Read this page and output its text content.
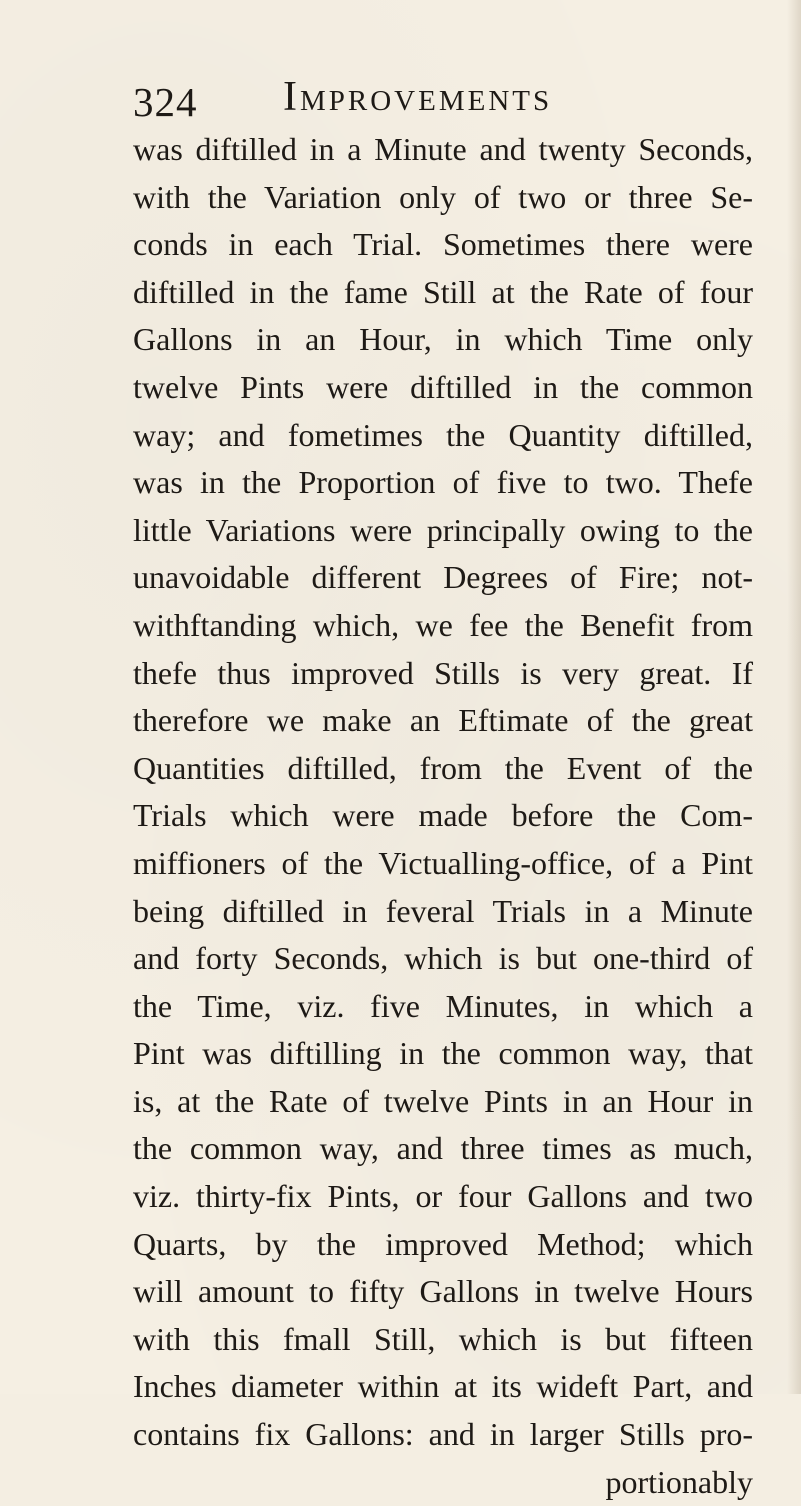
324 Improvements
was diftilled in a Minute and twenty Seconds,
with the Variation only of two or three Se-
conds in each Trial. Sometimes there were
diftilled in the fame Still at the Rate of four
Gallons in an Hour, in which Time only
twelve Pints were diftilled in the common
way; and fometimes the Quantity diftilled,
was in the Proportion of five to two. Thefe
little Variations were principally owing to the
unavoidable different Degrees of Fire; not-
withftanding which, we fee the Benefit from
thefe thus improved Stills is very great. If
therefore we make an Eftimate of the great
Quantities diftilled, from the Event of the
Trials which were made before the Com-
miffioners of the Victualling-office, of a Pint
being diftilled in feveral Trials in a Minute
and forty Seconds, which is but one-third of
the Time, viz. five Minutes, in which a
Pint was diftilling in the common way, that
is, at the Rate of twelve Pints in an Hour in
the common way, and three times as much,
viz. thirty-fix Pints, or four Gallons and two
Quarts, by the improved Method; which
will amount to fifty Gallons in twelve Hours
with this fmall Still, which is but fifteen
Inches diameter within at its wideft Part, and
contains fix Gallons: and in larger Stills pro-
portionably
